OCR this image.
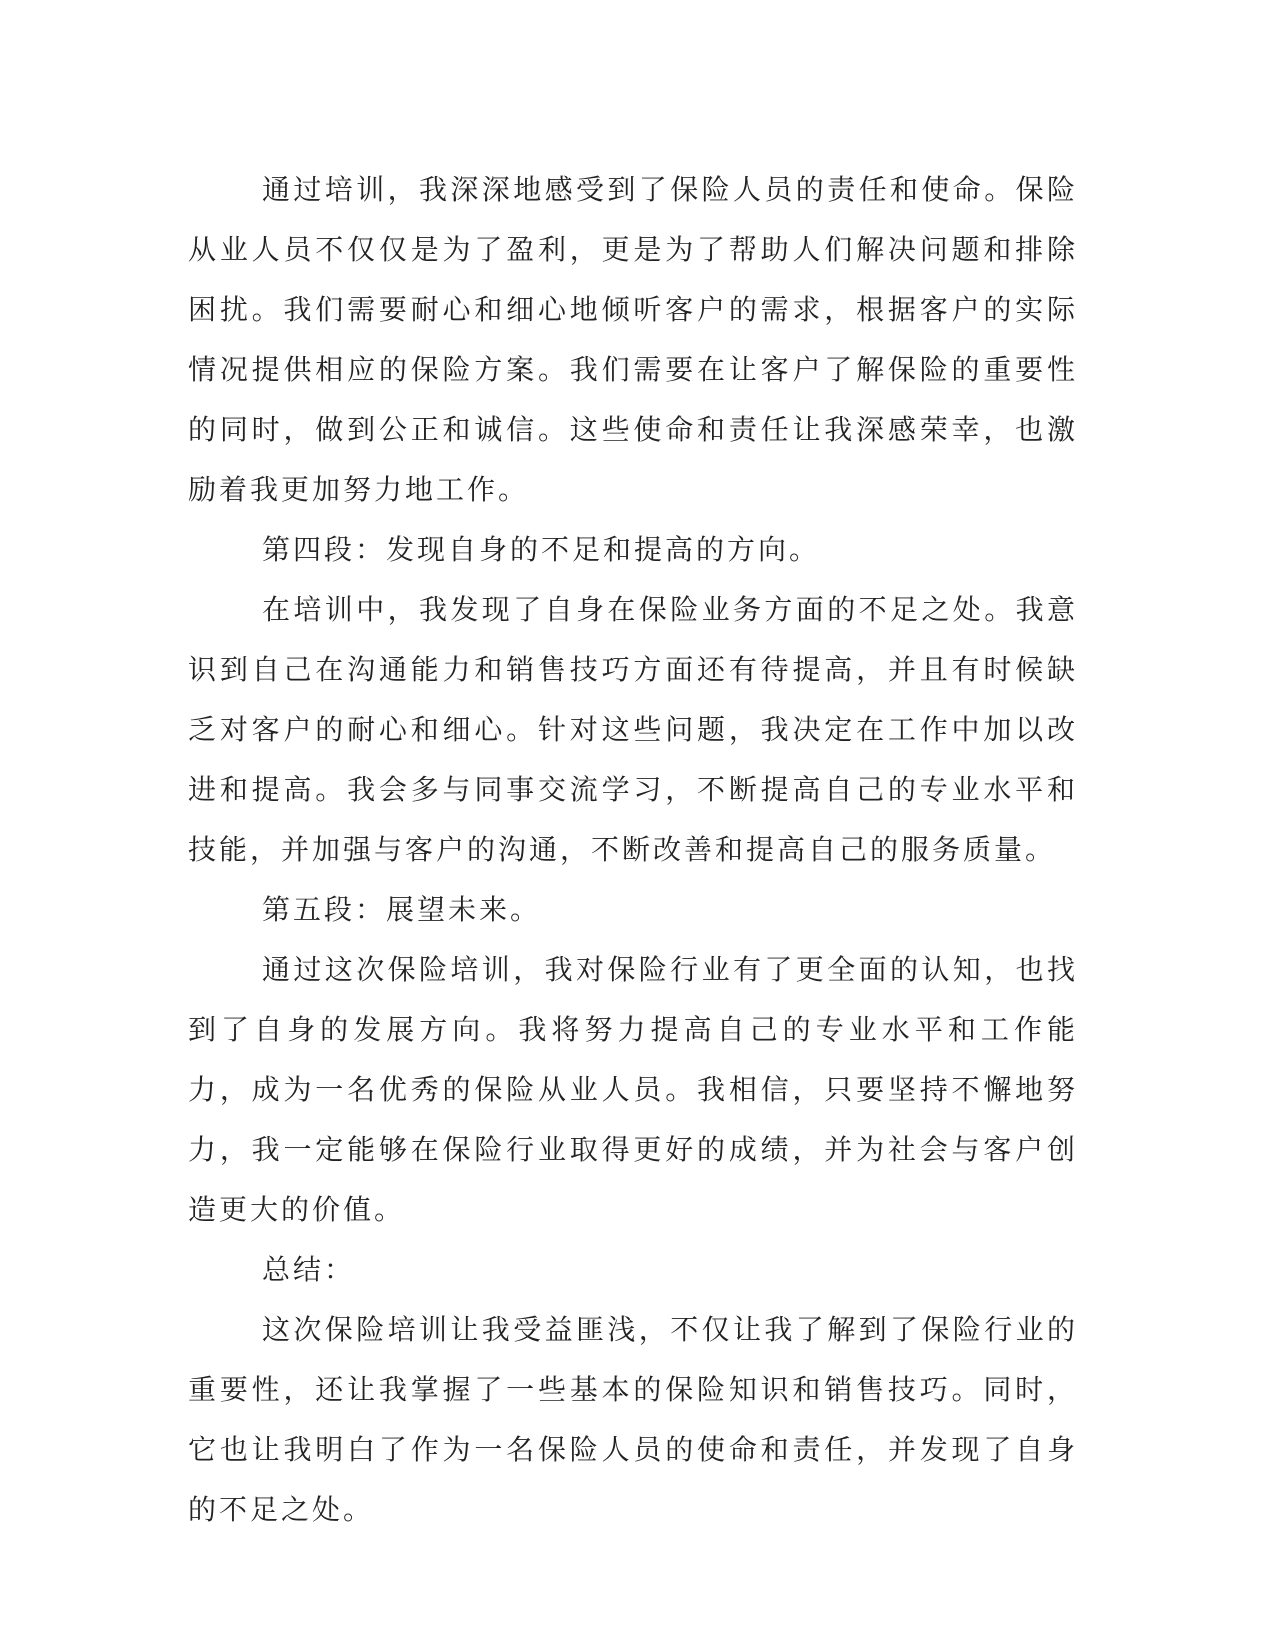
通过培训，我深深地感受到了保险人员的责任和使命。保险从业人员不仅仅是为了盈利，更是为了帮助人们解决问题和排除困扰。我们需要耐心和细心地倾听客户的需求，根据客户的实际情况提供相应的保险方案。我们需要在让客户了解保险的重要性的同时，做到公正和诚信。这些使命和责任让我深感荣幸，也激励着我更加努力地工作。

第四段：发现自身的不足和提高的方向。

在培训中，我发现了自身在保险业务方面的不足之处。我意识到自己在沟通能力和销售技巧方面还有待提高，并且有时候缺乏对客户的耐心和细心。针对这些问题，我决定在工作中加以改进和提高。我会多与同事交流学习，不断提高自己的专业水平和技能，并加强与客户的沟通，不断改善和提高自己的服务质量。

第五段：展望未来。

通过这次保险培训，我对保险行业有了更全面的认知，也找到了自身的发展方向。我将努力提高自己的专业水平和工作能力，成为一名优秀的保险从业人员。我相信，只要坚持不懈地努力，我一定能够在保险行业取得更好的成绩，并为社会与客户创造更大的价值。

总结：

这次保险培训让我受益匪浅，不仅让我了解到了保险行业的重要性，还让我掌握了一些基本的保险知识和销售技巧。同时，它也让我明白了作为一名保险人员的使命和责任，并发现了自身的不足之处。
